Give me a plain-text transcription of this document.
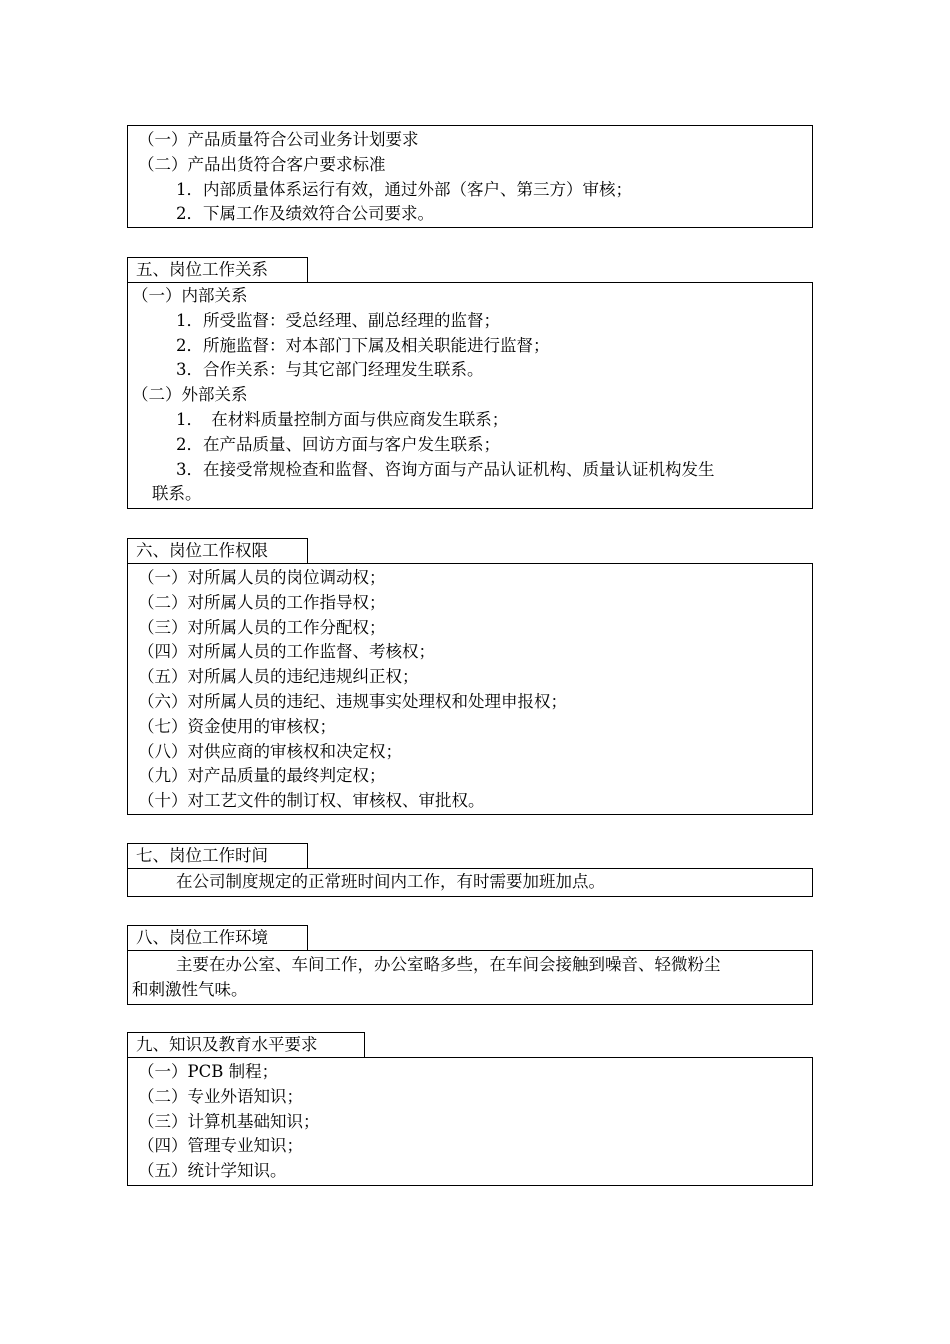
（一）产品质量符合公司业务计划要求
（二）产品出货符合客户要求标准
1．内部质量体系运行有效，通过外部（客户、第三方）审核；
2．下属工作及绩效符合公司要求。
五、岗位工作关系
（一）内部关系
1．所受监督：受总经理、副总经理的监督；
2．所施监督：对本部门下属及相关职能进行监督；
3．合作关系：与其它部门经理发生联系。
（二）外部关系
1．　在材料质量控制方面与供应商发生联系；
2．在产品质量、回访方面与客户发生联系；
3．在接受常规检查和监督、咨询方面与产品认证机构、质量认证机构发生
联系。
六、岗位工作权限
（一）对所属人员的岗位调动权；
（二）对所属人员的工作指导权；
（三）对所属人员的工作分配权；
（四）对所属人员的工作监督、考核权；
（五）对所属人员的违纪违规纠正权；
（六）对所属人员的违纪、违规事实处理权和处理申报权；
（七）资金使用的审核权；
（八）对供应商的审核权和决定权；
（九）对产品质量的最终判定权；
（十）对工艺文件的制订权、审核权、审批权。
七、岗位工作时间
在公司制度规定的正常班时间内工作，有时需要加班加点。
八、岗位工作环境
主要在办公室、车间工作，办公室略多些，在车间会接触到噪音、轻微粉尘
和刺激性气味。
九、知识及教育水平要求
（一）PCB 制程；
（二）专业外语知识；
（三）计算机基础知识；
（四）管理专业知识；
（五）统计学知识。
